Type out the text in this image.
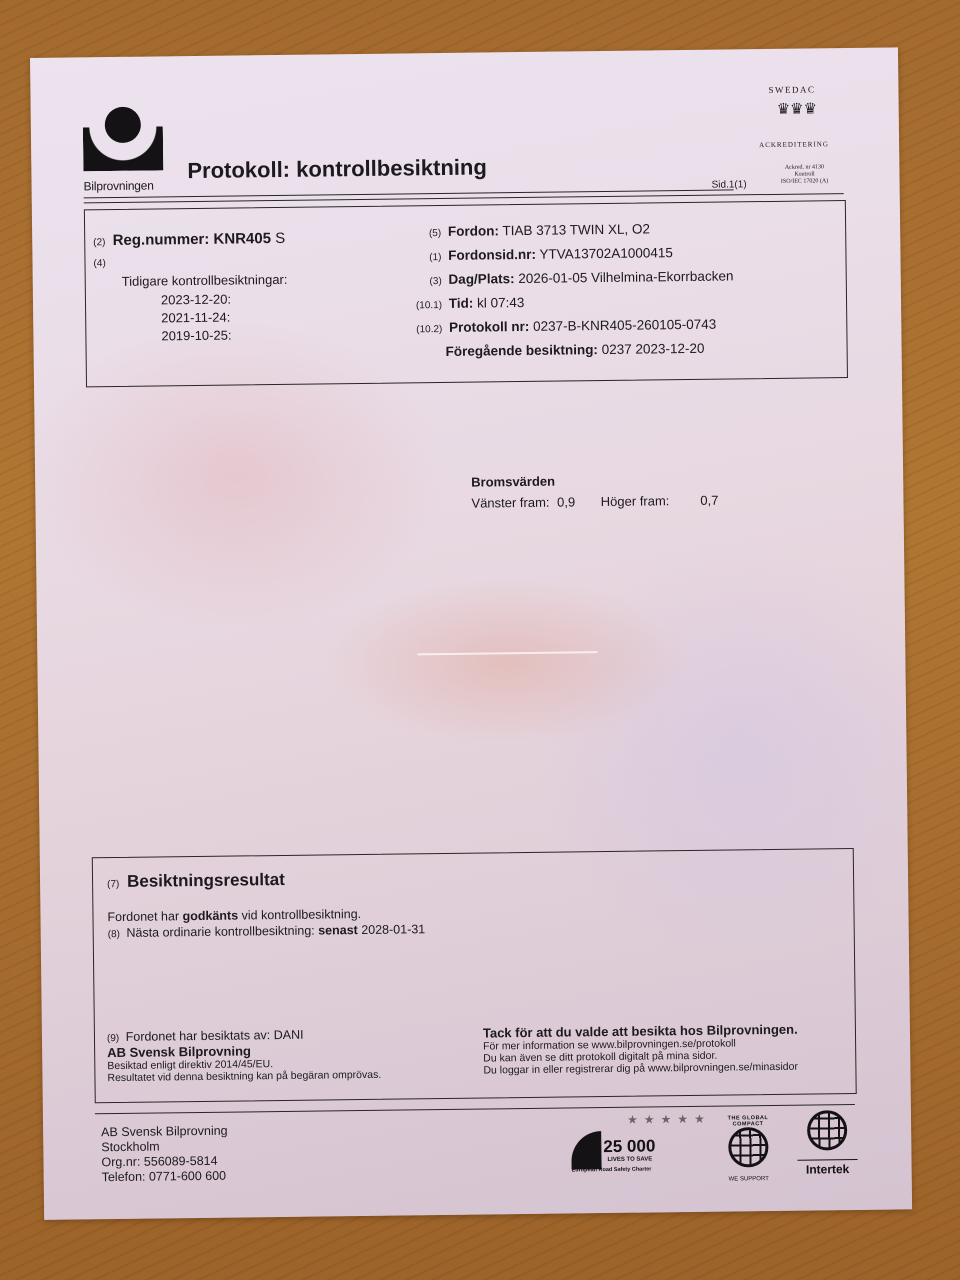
Bilprovningen
Protokoll: kontrollbesiktning
SWEDAC
♛♛♛
ACKREDITERING
Ackred. nr 4130
Kontroll
ISO/IEC 17020 (A)
Sid.1(1)
(2) Reg.nummer: KNR405 S
(4)
Tidigare kontrollbesiktningar:
2023-12-20:
2021-11-24:
2019-10-25:
(5) Fordon: TIAB 3713 TWIN XL, O2
(1) Fordonsid.nr: YTVA13702A1000415
(3) Dag/Plats: 2026-01-05 Vilhelmina-Ekorrbacken
(10.1) Tid: kl 07:43
(10.2) Protokoll nr: 0237-B-KNR405-260105-0743
Föregående besiktning: 0237 2023-12-20
Bromsvärden
Vänster fram: 0,9 Höger fram: 0,7
(7) Besiktningsresultat
Fordonet har godkänts vid kontrollbesiktning.
(8) Nästa ordinarie kontrollbesiktning: senast 2028-01-31
(9) Fordonet har besiktats av: DANI
AB Svensk Bilprovning
Besiktad enligt direktiv 2014/45/EU.
Resultatet vid denna besiktning kan på begäran omprövas.
Tack för att du valde att besikta hos Bilprovningen.
För mer information se www.bilprovningen.se/protokoll
Du kan även se ditt protokoll digitalt på mina sidor.
Du loggar in eller registrerar dig på www.bilprovningen.se/minasidor
AB Svensk Bilprovning
Stockholm
Org.nr: 556089-5814
Telefon: 0771-600 600
★★★★★
25 000
LIVES TO SAVE
European Road Safety Charter
THE GLOBAL COMPACT
WE SUPPORT
Intertek
